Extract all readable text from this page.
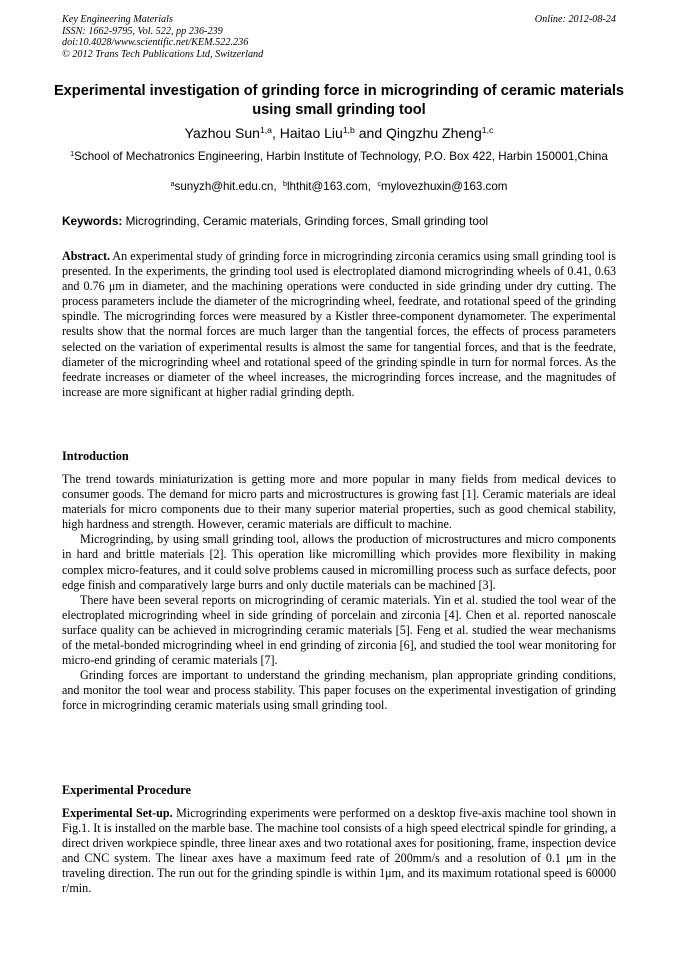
Key Engineering Materials
ISSN: 1662-9795, Vol. 522, pp 236-239
doi:10.4028/www.scientific.net/KEM.522.236
© 2012 Trans Tech Publications Ltd, Switzerland
Online: 2012-08-24
Experimental investigation of grinding force in microgrinding of ceramic materials using small grinding tool
Yazhou Sun$^{1,a}$, Haitao Liu$^{1,b}$ and Qingzhu Zheng$^{1,c}$
$^1$School of Mechatronics Engineering, Harbin Institute of Technology, P.O. Box 422, Harbin 150001,China
$^a$sunyzh@hit.edu.cn,  $^b$lhthit@163.com,  $^c$mylovezhuxin@163.com
Keywords: Microgrinding, Ceramic materials, Grinding forces, Small grinding tool
Abstract. An experimental study of grinding force in microgrinding zirconia ceramics using small grinding tool is presented. In the experiments, the grinding tool used is electroplated diamond microgrinding wheels of 0.41, 0.63 and 0.76 μm in diameter, and the machining operations were conducted in side grinding under dry cutting. The process parameters include the diameter of the microgrinding wheel, feedrate, and rotational speed of the grinding spindle. The microgrinding forces were measured by a Kistler three-component dynamometer. The experimental results show that the normal forces are much larger than the tangential forces, the effects of process parameters selected on the variation of experimental results is almost the same for tangential forces, and that is the feedrate, diameter of the microgrinding wheel and rotational speed of the grinding spindle in turn for normal forces. As the feedrate increases or diameter of the wheel increases, the microgrinding forces increase, and the magnitudes of increase are more significant at higher radial grinding depth.
Introduction

The trend towards miniaturization is getting more and more popular in many fields from medical devices to consumer goods. The demand for micro parts and microstructures is growing fast [1]. Ceramic materials are ideal materials for micro components due to their many superior material properties, such as good chemical stability, high hardness and strength. However, ceramic materials are difficult to machine.

Microgrinding, by using small grinding tool, allows the production of microstructures and micro components in hard and brittle materials [2]. This operation like micromilling which provides more flexibility in making complex micro-features, and it could solve problems caused in micromilling process such as surface defects, poor edge finish and comparatively large burrs and only ductile materials can be machined [3].

There have been several reports on microgrinding of ceramic materials. Yin et al. studied the tool wear of the electroplated microgrinding wheel in side grinding of porcelain and zirconia [4]. Chen et al. reported nanoscale surface quality can be achieved in microgrinding ceramic materials [5]. Feng et al. studied the wear mechanisms of the metal-bonded microgrinding wheel in end grinding of zirconia [6], and studied the tool wear monitoring for micro-end grinding of ceramic materials [7].

Grinding forces are important to understand the grinding mechanism, plan appropriate grinding conditions, and monitor the tool wear and process stability. This paper focuses on the experimental investigation of grinding force in microgrinding ceramic materials using small grinding tool.

Experimental Procedure

Experimental Set-up. Microgrinding experiments were performed on a desktop five-axis machine tool shown in Fig.1. It is installed on the marble base. The machine tool consists of a high speed electrical spindle for grinding, a direct driven workpiece spindle, three linear axes and two rotational axes for positioning, frame, inspection device and CNC system. The linear axes have a maximum feed rate of 200mm/s and a resolution of 0.1 μm in the traveling direction. The run out for the grinding spindle is within 1μm, and its maximum rotational speed is 60000 r/min.
